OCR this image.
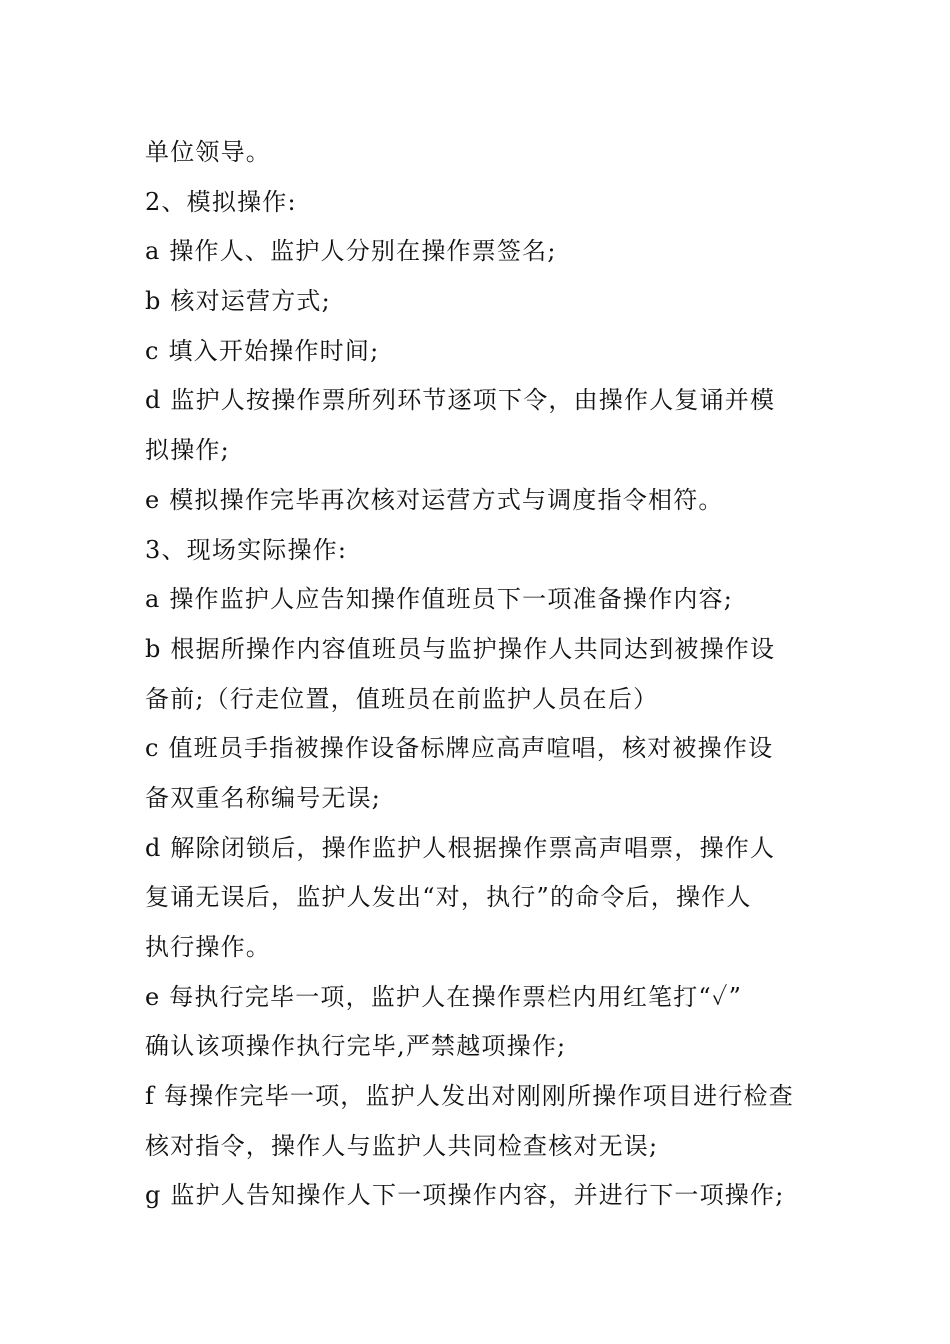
单位领导。
2、模拟操作:
a 操作人、监护人分别在操作票签名;
b 核对运营方式;
c 填入开始操作时间;
d 监护人按操作票所列环节逐项下令，由操作人复诵并模
拟操作;
e 模拟操作完毕再次核对运营方式与调度指令相符。
3、现场实际操作:
a 操作监护人应告知操作值班员下一项准备操作内容;
b 根据所操作内容值班员与监护操作人共同达到被操作设
备前;（行走位置，值班员在前监护人员在后）
c 值班员手指被操作设备标牌应高声喧唱，核对被操作设
备双重名称编号无误;
d 解除闭锁后，操作监护人根据操作票高声唱票，操作人
复诵无误后，监护人发出“对，执行”的命令后，操作人
执行操作。
e 每执行完毕一项，监护人在操作票栏内用红笔打“✓”
确认该项操作执行完毕,严禁越项操作;
f 每操作完毕一项，监护人发出对刚刚所操作项目进行检查
核对指令，操作人与监护人共同检查核对无误;
g 监护人告知操作人下一项操作内容，并进行下一项操作;
